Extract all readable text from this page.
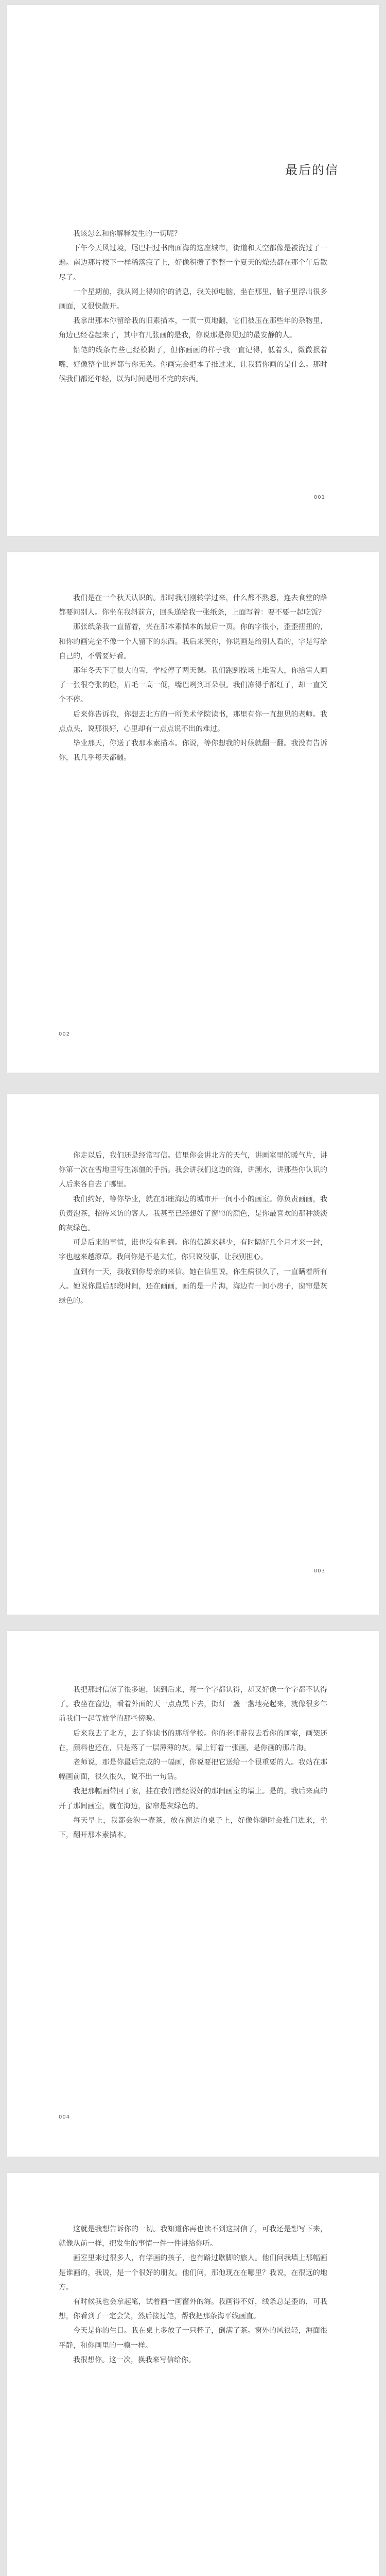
最后的信

我该怎么和你解释发生的一切呢？

下午今天风过境，尾巴扫过书南面海的这座城市，街道和天空都像是被洗过了一遍。南边那片楼下一样稀落寂了上，好像积攒了整整一个夏天的燥热都在那个午后散尽了。

一个星期前，我从网上得知你的消息，我关掉电脑，坐在那里，脑子里浮出很多画面，又很快散开。

我拿出那本你留给我的旧素描本，一页一页地翻，它们被压在那些年的杂物里，角边已经卷起来了，其中有几张画的是我，你说那是你见过的最安静的人。

铅笔的线条有些已经模糊了，但你画画的样子我一直记得，低着头，微微抿着嘴，好像整个世界都与你无关。你画完会把本子推过来，让我猜你画的是什么。那时候我们都还年轻，以为时间是用不完的东西。

001

我们是在一个秋天认识的。那时我刚刚转学过来，什么都不熟悉，连去食堂的路都要问别人。你坐在我斜前方，回头递给我一张纸条，上面写着：要不要一起吃饭？

那张纸条我一直留着，夹在那本素描本的最后一页。你的字很小，歪歪扭扭的，和你的画完全不像一个人留下的东西。我后来笑你，你说画是给别人看的，字是写给自己的，不需要好看。

那年冬天下了很大的雪，学校停了两天课。我们跑到操场上堆雪人，你给雪人画了一张很夸张的脸，眉毛一高一低，嘴巴咧到耳朵根。我们冻得手都红了，却一直笑个不停。

后来你告诉我，你想去北方的一所美术学院读书，那里有你一直想见的老师。我点点头，说那很好，心里却有一点点说不出的难过。

毕业那天，你送了我那本素描本。你说，等你想我的时候就翻一翻。我没有告诉你，我几乎每天都翻。

002

你走以后，我们还是经常写信。信里你会讲北方的天气，讲画室里的暖气片，讲你第一次在雪地里写生冻僵的手指。我会讲我们这边的海，讲潮水，讲那些你认识的人后来各自去了哪里。

我们约好，等你毕业，就在那座海边的城市开一间小小的画室。你负责画画，我负责泡茶，招待来访的客人。我甚至已经想好了窗帘的颜色，是你最喜欢的那种淡淡的灰绿色。

可是后来的事情，谁也没有料到。你的信越来越少，有时隔好几个月才来一封，字也越来越潦草。我问你是不是太忙，你只说没事，让我别担心。

直到有一天，我收到你母亲的来信。她在信里说，你生病很久了，一直瞒着所有人。她说你最后那段时间，还在画画，画的是一片海，海边有一间小房子，窗帘是灰绿色的。

003

我把那封信读了很多遍，读到后来，每一个字都认得，却又好像一个字都不认得了。我坐在窗边，看着外面的天一点点黑下去，街灯一盏一盏地亮起来，就像很多年前我们一起等放学的那些傍晚。

后来我去了北方，去了你读书的那所学校。你的老师带我去看你的画室，画架还在，颜料也还在，只是落了一层薄薄的灰。墙上钉着一张画，是你画的那片海。

老师说，那是你最后完成的一幅画，你说要把它送给一个很重要的人。我站在那幅画前面，很久很久，说不出一句话。

我把那幅画带回了家，挂在我们曾经说好的那间画室的墙上。是的，我后来真的开了那间画室，就在海边，窗帘是灰绿色的。

每天早上，我都会泡一壶茶，放在窗边的桌子上，好像你随时会推门进来，坐下，翻开那本素描本。

004

这就是我想告诉你的一切。我知道你再也读不到这封信了，可我还是想写下来，就像从前一样，把发生的事情一件一件讲给你听。

画室里来过很多人，有学画的孩子，也有路过歇脚的旅人。他们问我墙上那幅画是谁画的，我说，是一个很好的朋友。他们问，那他现在在哪里？我说，在很远的地方。

有时候我也会拿起笔，试着画一画窗外的海。我画得不好，线条总是歪的，可我想，你看到了一定会笑，然后接过笔，帮我把那条海平线画直。

今天是你的生日。我在桌上多放了一只杯子，倒满了茶。窗外的风很轻，海面很平静，和你画里的一模一样。

我很想你。这一次，换我来写信给你。
